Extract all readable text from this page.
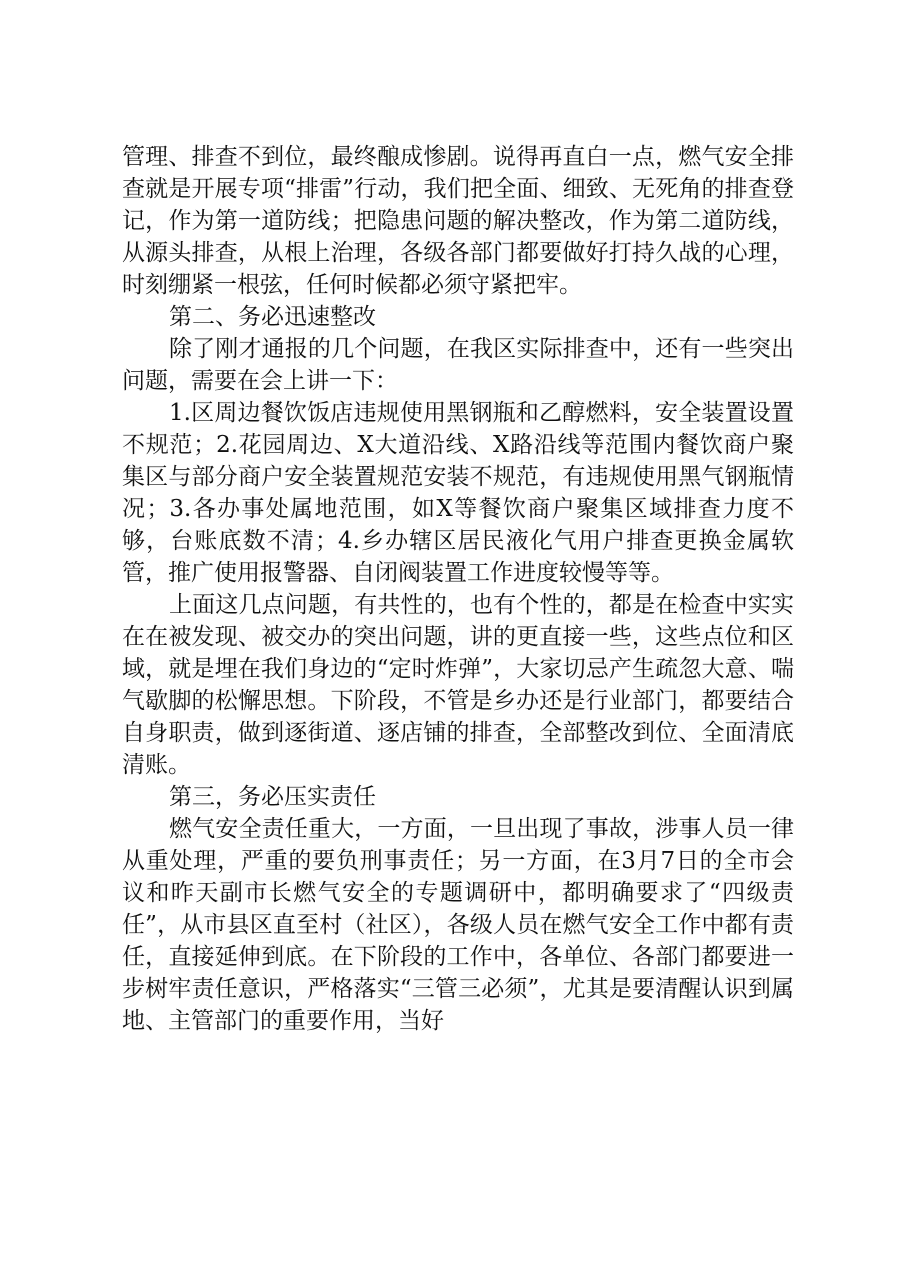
管理、排查不到位，最终酿成惨剧。说得再直白一点，燃气安全排查就是开展专项“排雷”行动，我们把全面、细致、无死角的排查登记，作为第一道防线；把隐患问题的解决整改，作为第二道防线，从源头排查，从根上治理，各级各部门都要做好打持久战的心理，时刻绷紧一根弦，任何时候都必须守紧把牢。

第二、务必迅速整改

除了刚才通报的几个问题，在我区实际排查中，还有一些突出问题，需要在会上讲一下：

1.区周边餐饮饭店违规使用黑钢瓶和乙醇燃料，安全装置设置不规范；2.花园周边、X大道沿线、X路沿线等范围内餐饮商户聚集区与部分商户安全装置规范安装不规范，有违规使用黑气钢瓶情况；3.各办事处属地范围，如X等餐饮商户聚集区域排查力度不够，台账底数不清；4.乡办辖区居民液化气用户排查更换金属软管，推广使用报警器、自闭阀装置工作进度较慢等等。

上面这几点问题，有共性的，也有个性的，都是在检查中实实在在被发现、被交办的突出问题，讲的更直接一些，这些点位和区域，就是埋在我们身边的“定时炸弹”，大家切忌产生疏忽大意、喘气歇脚的松懈思想。下阶段，不管是乡办还是行业部门，都要结合自身职责，做到逐街道、逐店铺的排查，全部整改到位、全面清底清账。

第三，务必压实责任

燃气安全责任重大，一方面，一旦出现了事故，涉事人员一律从重处理，严重的要负刑事责任；另一方面，在3月7日的全市会议和昨天副市长燃气安全的专题调研中，都明确要求了“四级责任”，从市县区直至村（社区），各级人员在燃气安全工作中都有责任，直接延伸到底。在下阶段的工作中，各单位、各部门都要进一步树牢责任意识，严格落实“三管三必须”，尤其是要清醒认识到属地、主管部门的重要作用，当好
